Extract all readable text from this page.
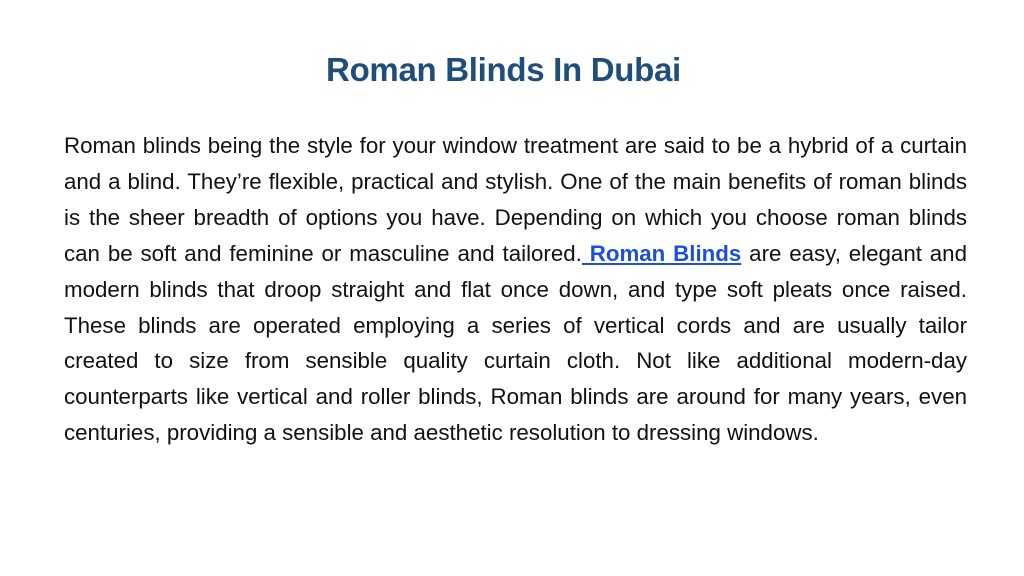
Roman Blinds In Dubai

Roman blinds being the style for your window treatment are said to be a hybrid of a curtain and a blind. They’re flexible, practical and stylish. One of the main benefits of roman blinds is the sheer breadth of options you have. Depending on which you choose roman blinds can be soft and feminine or masculine and tailored. Roman Blinds are easy, elegant and modern blinds that droop straight and flat once down, and type soft pleats once raised. These blinds are operated employing a series of vertical cords and are usually tailor created to size from sensible quality curtain cloth. Not like additional modern-day counterparts like vertical and roller blinds, Roman blinds are around for many years, even centuries, providing a sensible and aesthetic resolution to dressing windows.
